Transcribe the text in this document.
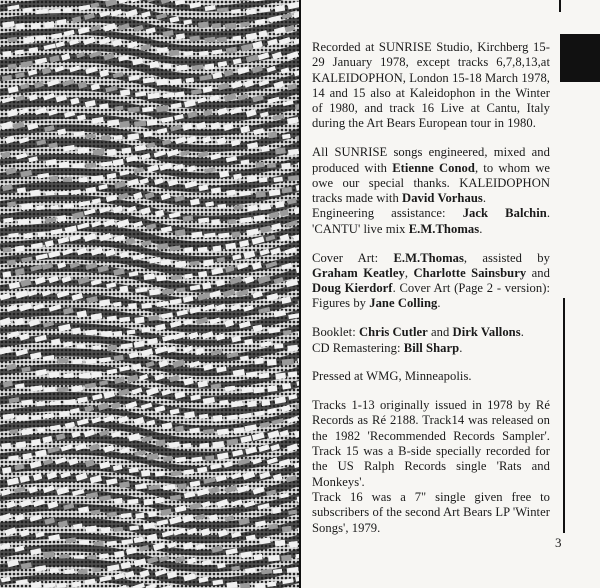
Recorded at SUNRISE Studio, Kirchberg 15-29 January 1978, except tracks 6,7,8,13,at KALEIDOPHON, London 15-18 March 1978, 14 and 15 also at Kaleidophon in the Winter of 1980, and track 16 Live at Cantu, Italy during the Art Bears European tour in 1980.

All SUNRISE songs engineered, mixed and produced with Etienne Conod, to whom we owe our special thanks. KALEIDOPHON tracks made with David Vorhaus.
Engineering assistance: Jack Balchin. 'CANTU' live mix E.M.Thomas.

Cover Art: E.M.Thomas, assisted by Graham Keatley, Charlotte Sainsbury and Doug Kierdorf. Cover Art (Page 2 - version): Figures by Jane Colling.

Booklet: Chris Cutler and Dirk Vallons.
CD Remastering: Bill Sharp.

Pressed at WMG, Minneapolis.

Tracks 1-13 originally issued in 1978 by Ré Records as Ré 2188. Track14 was released on the 1982 'Recommended Records Sampler'. Track 15 was a B-side specially recorded for the US Ralph Records single 'Rats and Monkeys'.
Track 16 was a 7" single given free to subscribers of the second Art Bears LP 'Winter Songs', 1979.

3
